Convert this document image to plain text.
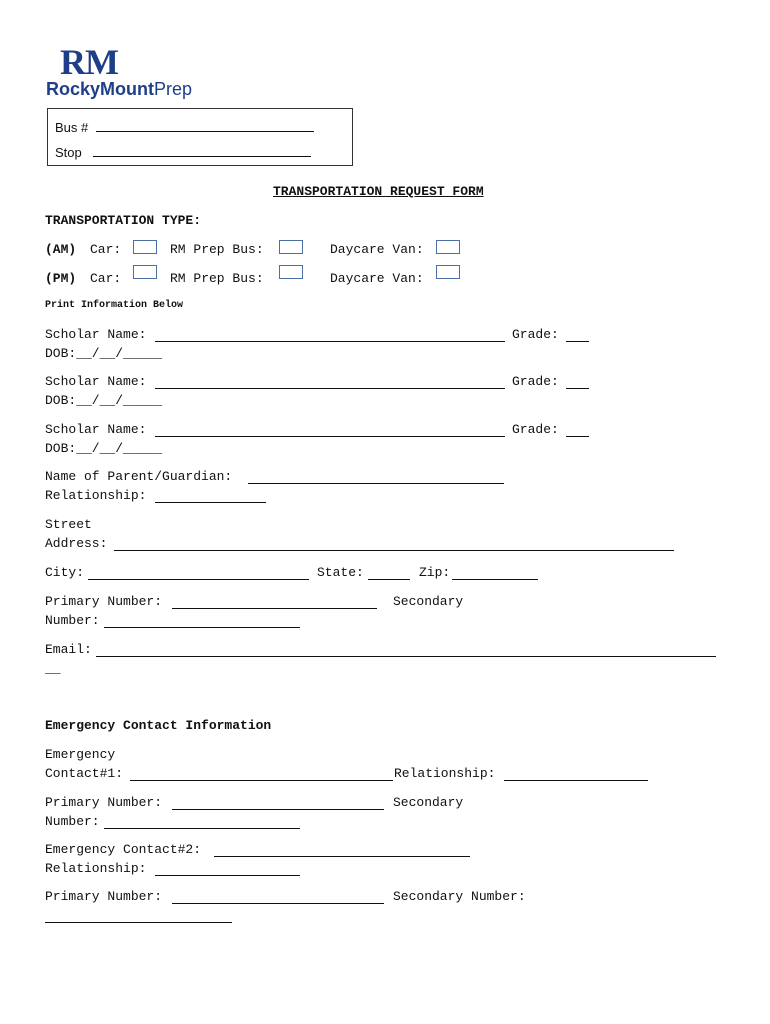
RM
RockyMountPrep
Bus #
Stop
TRANSPORTATION REQUEST FORM
TRANSPORTATION TYPE:
(AM) Car:	RM Prep Bus:	Daycare Van:
(PM) Car:	RM Prep Bus:	Daycare Van:
Print Information Below
Scholar Name:	Grade:
DOB:__/__/_____
Scholar Name:	Grade:
DOB:__/__/_____
Scholar Name:	Grade:
DOB:__/__/_____
Name of Parent/Guardian:
Relationship:
Street
Address:
City:	State:	Zip:
Primary Number:	Secondary
Number:
Email:
__
Emergency Contact Information
Emergency
Contact#1:	Relationship:
Primary Number:	Secondary
Number:
Emergency Contact#2:
Relationship:
Primary Number:	Secondary Number:
